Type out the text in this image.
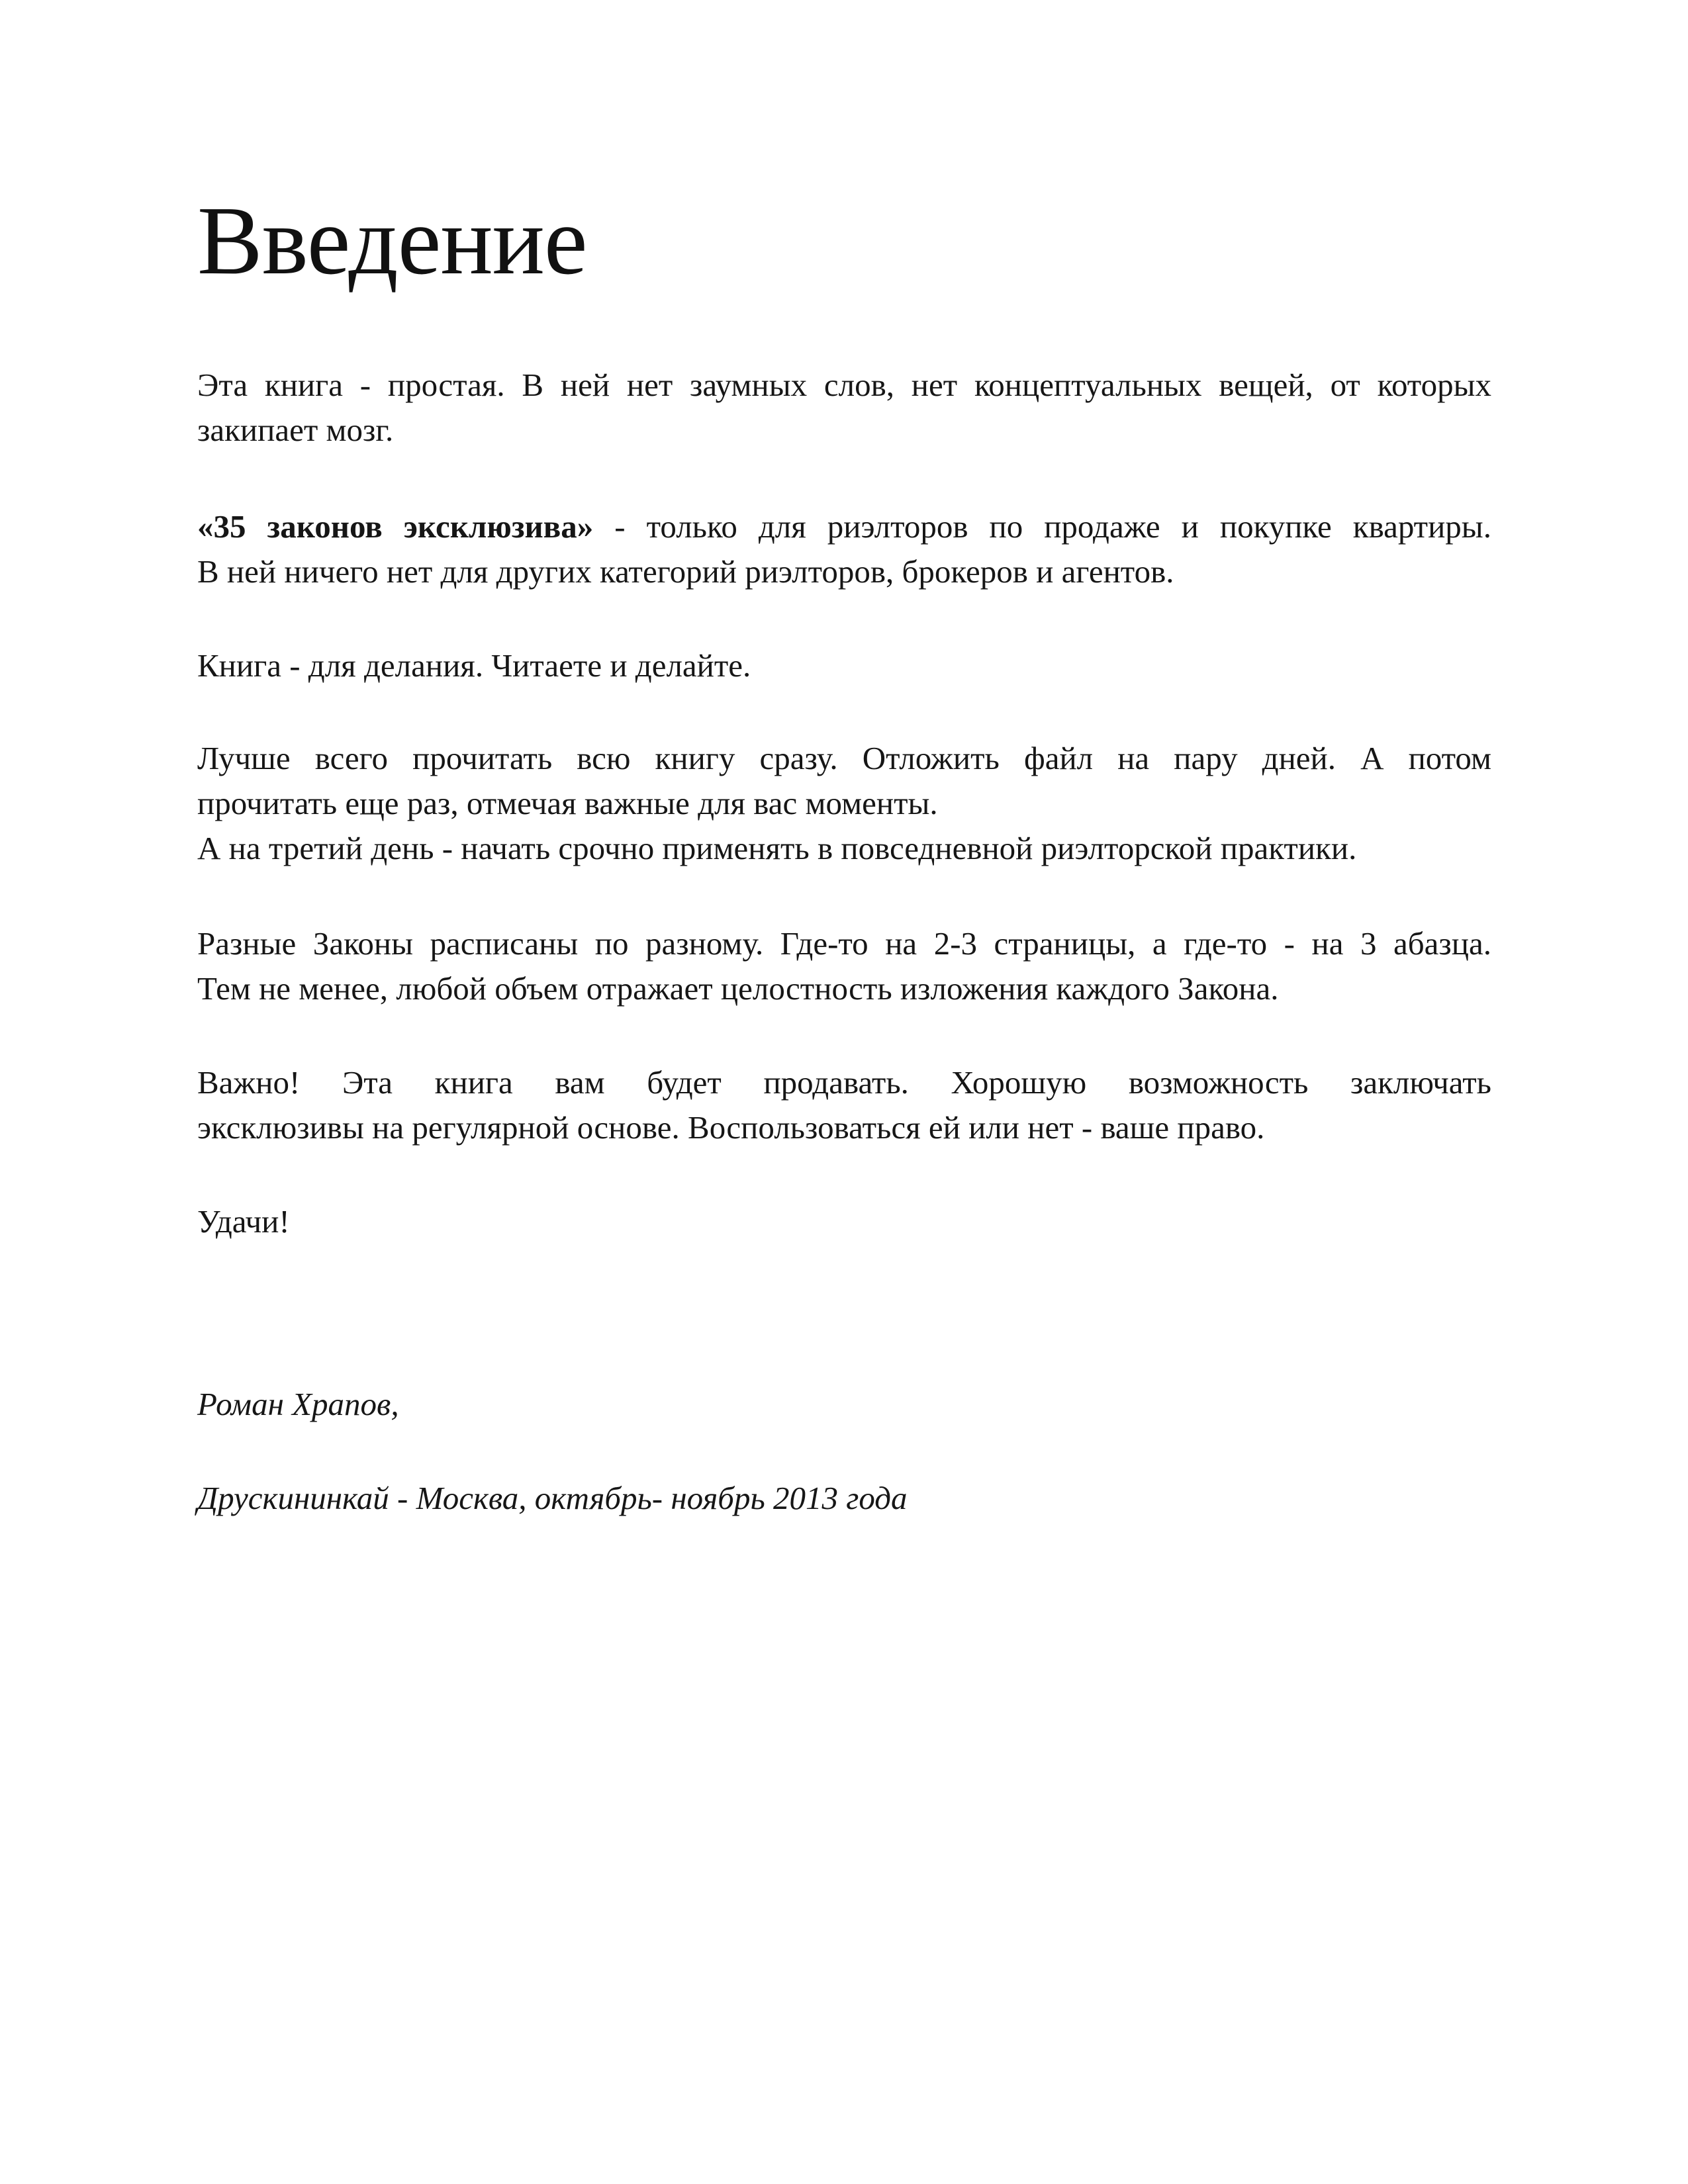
Введение
Эта книга - простая. В ней нет заумных слов, нет концептуальных вещей, от которых
закипает мозг.
«35 законов эксклюзива» - только для риэлторов по продаже и покупке квартиры.
В ней ничего нет для других категорий риэлторов, брокеров и агентов.
Книга - для делания. Читаете и делайте.
Лучше всего прочитать всю книгу сразу. Отложить файл на пару дней. А потом
прочитать еще раз, отмечая важные для вас моменты.
А на третий день - начать срочно применять в повседневной риэлторской практики.
Разные Законы расписаны по разному. Где-то на 2-3 страницы, а где-то - на 3 абазца.
Тем не менее, любой объем отражает целостность изложения каждого Закона.
Важно! Эта книга вам будет продавать. Хорошую возможность заключать
эксклюзивы на регулярной основе. Воспользоваться ей или нет - ваше право.
Удачи!

Роман Храпов,

Друскининкай - Москва, октябрь- ноябрь 2013 года
